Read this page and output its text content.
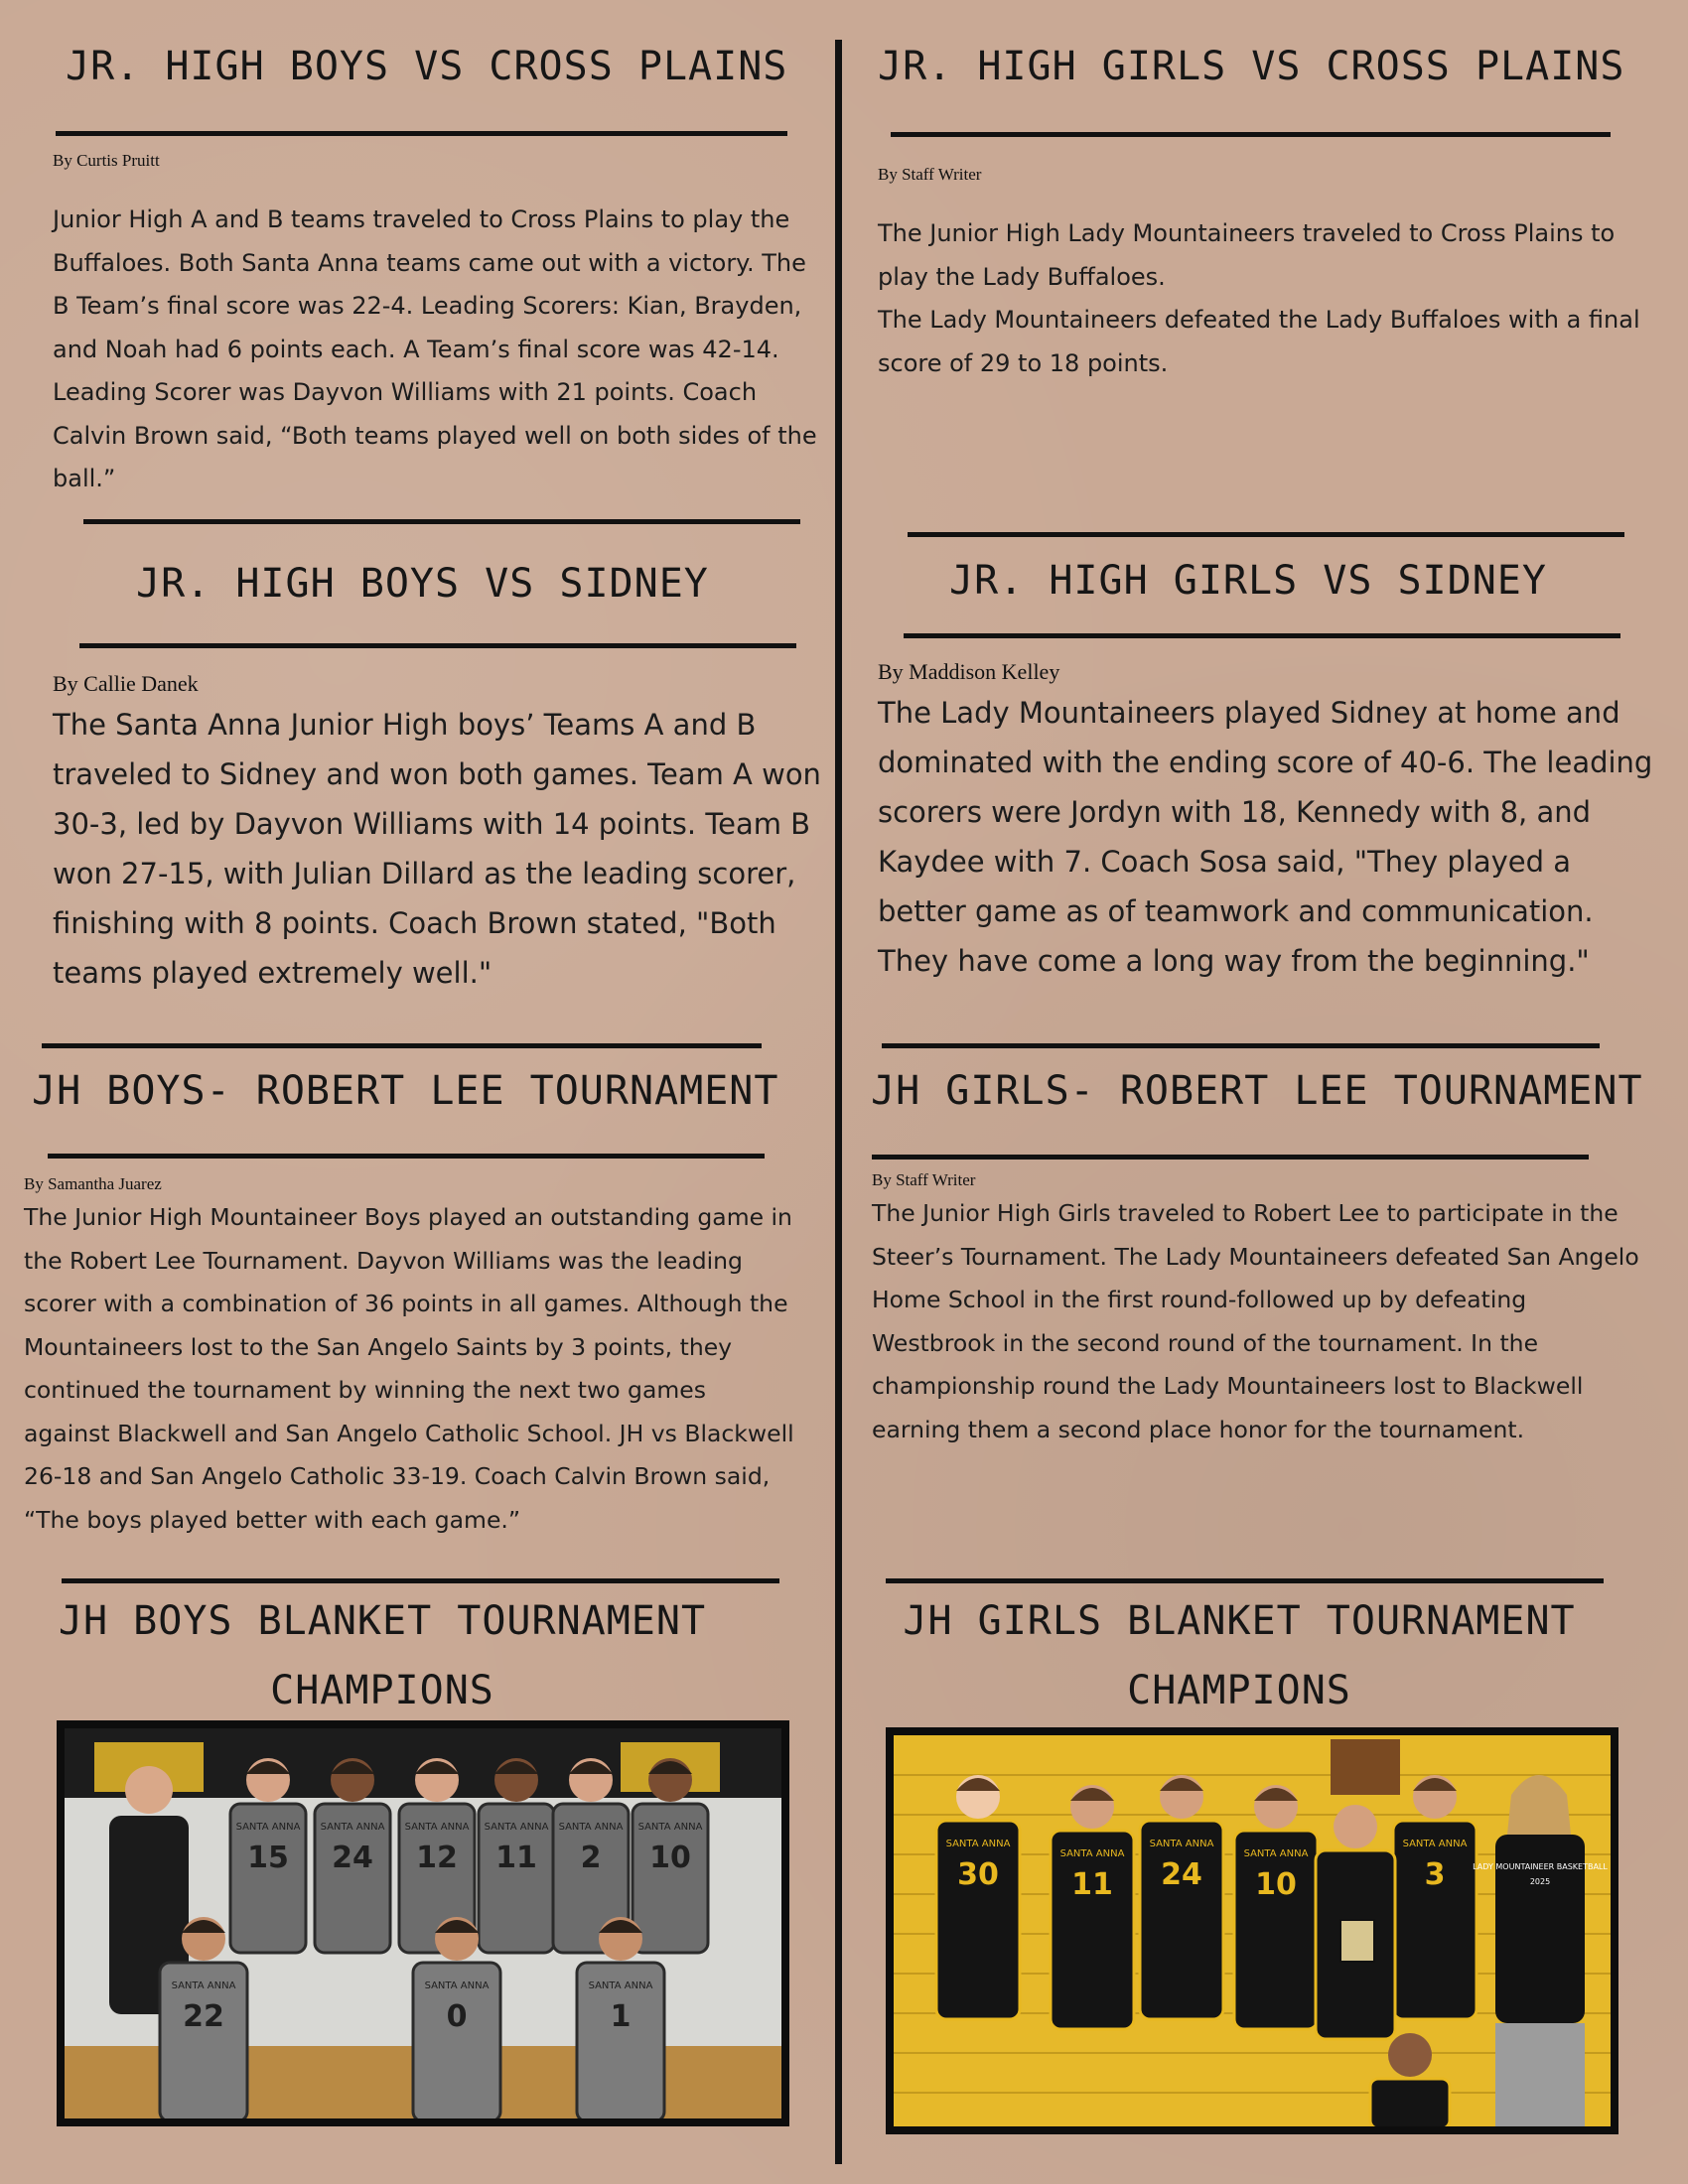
JR. HIGH BOYS VS CROSS PLAINS

By Curtis Pruitt

Junior High A and B teams traveled to Cross Plains to play the Buffaloes. Both Santa Anna teams came out with a victory. The B Team’s final score was 22-4. Leading Scorers: Kian, Brayden, and Noah had 6 points each. A Team’s final score was 42-14. Leading Scorer was Dayvon Williams with 21 points. Coach Calvin Brown said, “Both teams played well on both sides of the ball.”

JR. HIGH BOYS VS SIDNEY

By Callie Danek

The Santa Anna Junior High boys’ Teams A and B traveled to Sidney and won both games. Team A won 30-3, led by Dayvon Williams with 14 points. Team B won 27-15, with Julian Dillard as the leading scorer, finishing with 8 points. Coach Brown stated, "Both teams played extremely well."

JH BOYS- ROBERT LEE TOURNAMENT

By Samantha Juarez

The Junior High Mountaineer Boys played an outstanding game in the Robert Lee Tournament. Dayvon Williams was the leading scorer with a combination of 36 points in all games. Although the Mountaineers lost to the San Angelo Saints by 3 points, they continued the tournament by winning the next two games against Blackwell and San Angelo Catholic School. JH vs Blackwell 26-18 and San Angelo Catholic 33-19. Coach Calvin Brown said, “The boys played better with each game.”

JH BOYS BLANKET TOURNAMENT CHAMPIONS
SANTA ANNA
15
SANTA ANNA
24
SANTA ANNA
12
SANTA ANNA
11
SANTA ANNA
2
SANTA ANNA
10
SANTA ANNA
22
SANTA ANNA
0
SANTA ANNA
1
JR. HIGH GIRLS VS CROSS PLAINS

By Staff Writer

The Junior High Lady Mountaineers traveled to Cross Plains to play the Lady Buffaloes.
The Lady Mountaineers defeated the Lady Buffaloes with a final score of 29 to 18 points.

JR. HIGH GIRLS VS SIDNEY

By Maddison Kelley

The Lady Mountaineers played Sidney at home and dominated with the ending score of 40-6. The leading scorers were Jordyn with 18, Kennedy with 8, and Kaydee with 7. Coach Sosa said, "They played a better game as of teamwork and communication. They have come a long way from the beginning."

JH GIRLS- ROBERT LEE TOURNAMENT

By Staff Writer

The Junior High Girls traveled to Robert Lee to participate in the Steer’s Tournament. The Lady Mountaineers defeated San Angelo Home School in the first round-followed up by defeating Westbrook in the second round of the tournament. In the championship round the Lady Mountaineers lost to Blackwell earning them a second place honor for the tournament.

JH GIRLS BLANKET TOURNAMENT CHAMPIONS
SANTA ANNA
30
SANTA ANNA
11
SANTA ANNA
24
SANTA ANNA
10
SANTA ANNA
3	LADY MOUNTAINEER BASKETBALL
2025
